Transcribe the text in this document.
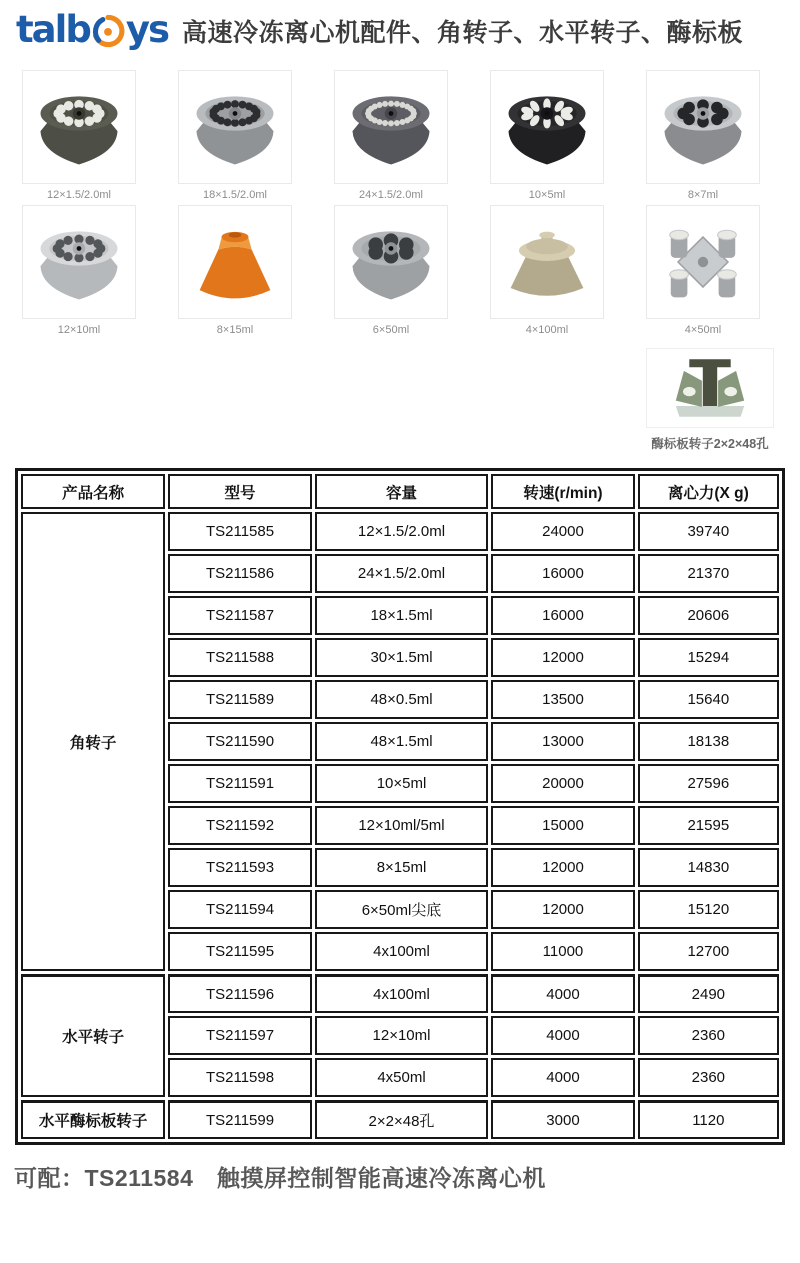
talb ys 高速冷冻离心机配件、角转子、水平转子、酶标板
12×1.5/2.0ml	18×1.5/2.0ml	24×1.5/2.0ml	10×5ml	8×7ml
12×10ml	8×15ml	6×50ml	4×100ml	4×50ml
酶标板转子2×2×48孔
产品名称	型号	容量	转速(r/min)	离心力(X g)
角转子	TS211585	12×1.5/2.0ml	24000	39740
	TS211586	24×1.5/2.0ml	16000	21370
	TS211587	18×1.5ml	16000	20606
	TS211588	30×1.5ml	12000	15294
	TS211589	48×0.5ml	13500	15640
	TS211590	48×1.5ml	13000	18138
	TS211591	10×5ml	20000	27596
	TS211592	12×10ml/5ml	15000	21595
	TS211593	8×15ml	12000	14830
	TS211594	6×50ml尖底	12000	15120
	TS211595	4x100ml	11000	12700
水平转子	TS211596	4x100ml	4000	2490
	TS211597	12×10ml	4000	2360
	TS211598	4x50ml	4000	2360
水平酶标板转子	TS211599	2×2×48孔	3000	1120
可配：TS211584　触摸屏控制智能高速冷冻离心机
